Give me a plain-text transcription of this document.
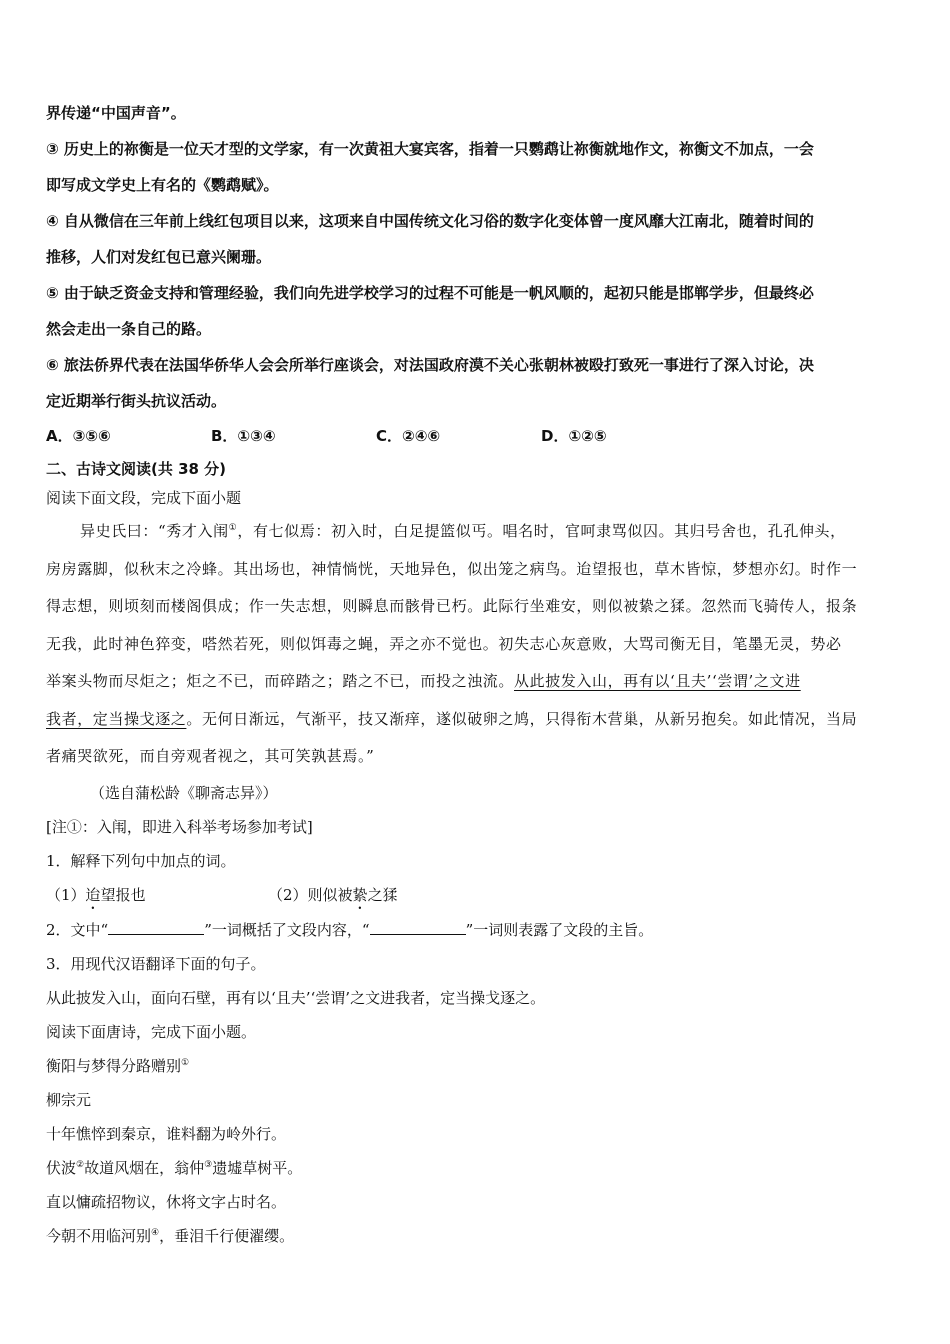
界传递“中国声音”。

③ 历史上的祢衡是一位天才型的文学家，有一次黄祖大宴宾客，指着一只鹦鹉让祢衡就地作文，祢衡文不加点，一会

即写成文学史上有名的《鹦鹉赋》。

④ 自从微信在三年前上线红包项目以来，这项来自中国传统文化习俗的数字化变体曾一度风靡大江南北，随着时间的

推移，人们对发红包已意兴阑珊。

⑤ 由于缺乏资金支持和管理经验，我们向先进学校学习的过程不可能是一帆风顺的，起初只能是邯郸学步，但最终必

然会走出一条自己的路。

⑥ 旅法侨界代表在法国华侨华人会会所举行座谈会，对法国政府漠不关心张朝林被殴打致死一事进行了深入讨论，决

定近期举行街头抗议活动。

A．③⑤⑥	B．①③④	C．②④⑥	D．①②⑤
二、古诗文阅读(共 38 分)

阅读下面文段，完成下面小题

异史氏曰：“秀才入闱①，有七似焉：初入时，白足提篮似丐。唱名时，官呵隶骂似囚。其归号舍也，孔孔伸头，

房房露脚，似秋末之冷蜂。其出场也，神情惝恍，天地异色，似出笼之病鸟。迨望报也，草木皆惊，梦想亦幻。时作一

得志想，则顷刻而楼阁俱成；作一失志想，则瞬息而骸骨已朽。此际行坐难安，则似被絷之猱。忽然而飞骑传人，报条

无我，此时神色猝变，嗒然若死，则似饵毒之蝇，弄之亦不觉也。初失志心灰意败，大骂司衡无目，笔墨无灵，势必

举案头物而尽炬之；炬之不已，而碎踏之；踏之不已，而投之浊流。从此披发入山，再有以‘且夫’‘尝谓’之文进

我者，定当操戈逐之。无何日渐远，气渐平，技又渐痒，遂似破卵之鸠，只得衔木营巢，从新另抱矣。如此情况，当局

者痛哭欲死，而自旁观者视之，其可笑孰甚焉。”

（选自蒲松龄《聊斋志异》）

[注①：入闱，即进入科举考场参加考试]

1．解释下列句中加点的词。

（1）迨望报也	（2）则似被絷之猱

2．文中“	”一词概括了文段内容，“	”一词则表露了文段的主旨。

3．用现代汉语翻译下面的句子。

从此披发入山，面向石壁，再有以‘且夫’‘尝谓’之文进我者，定当操戈逐之。

阅读下面唐诗，完成下面小题。

衡阳与梦得分路赠别①

柳宗元

十年憔悴到秦京，谁料翻为岭外行。

伏波②故道风烟在，翁仲③遗墟草树平。

直以慵疏招物议，休将文字占时名。

今朝不用临河别④，垂泪千行便濯缨。
